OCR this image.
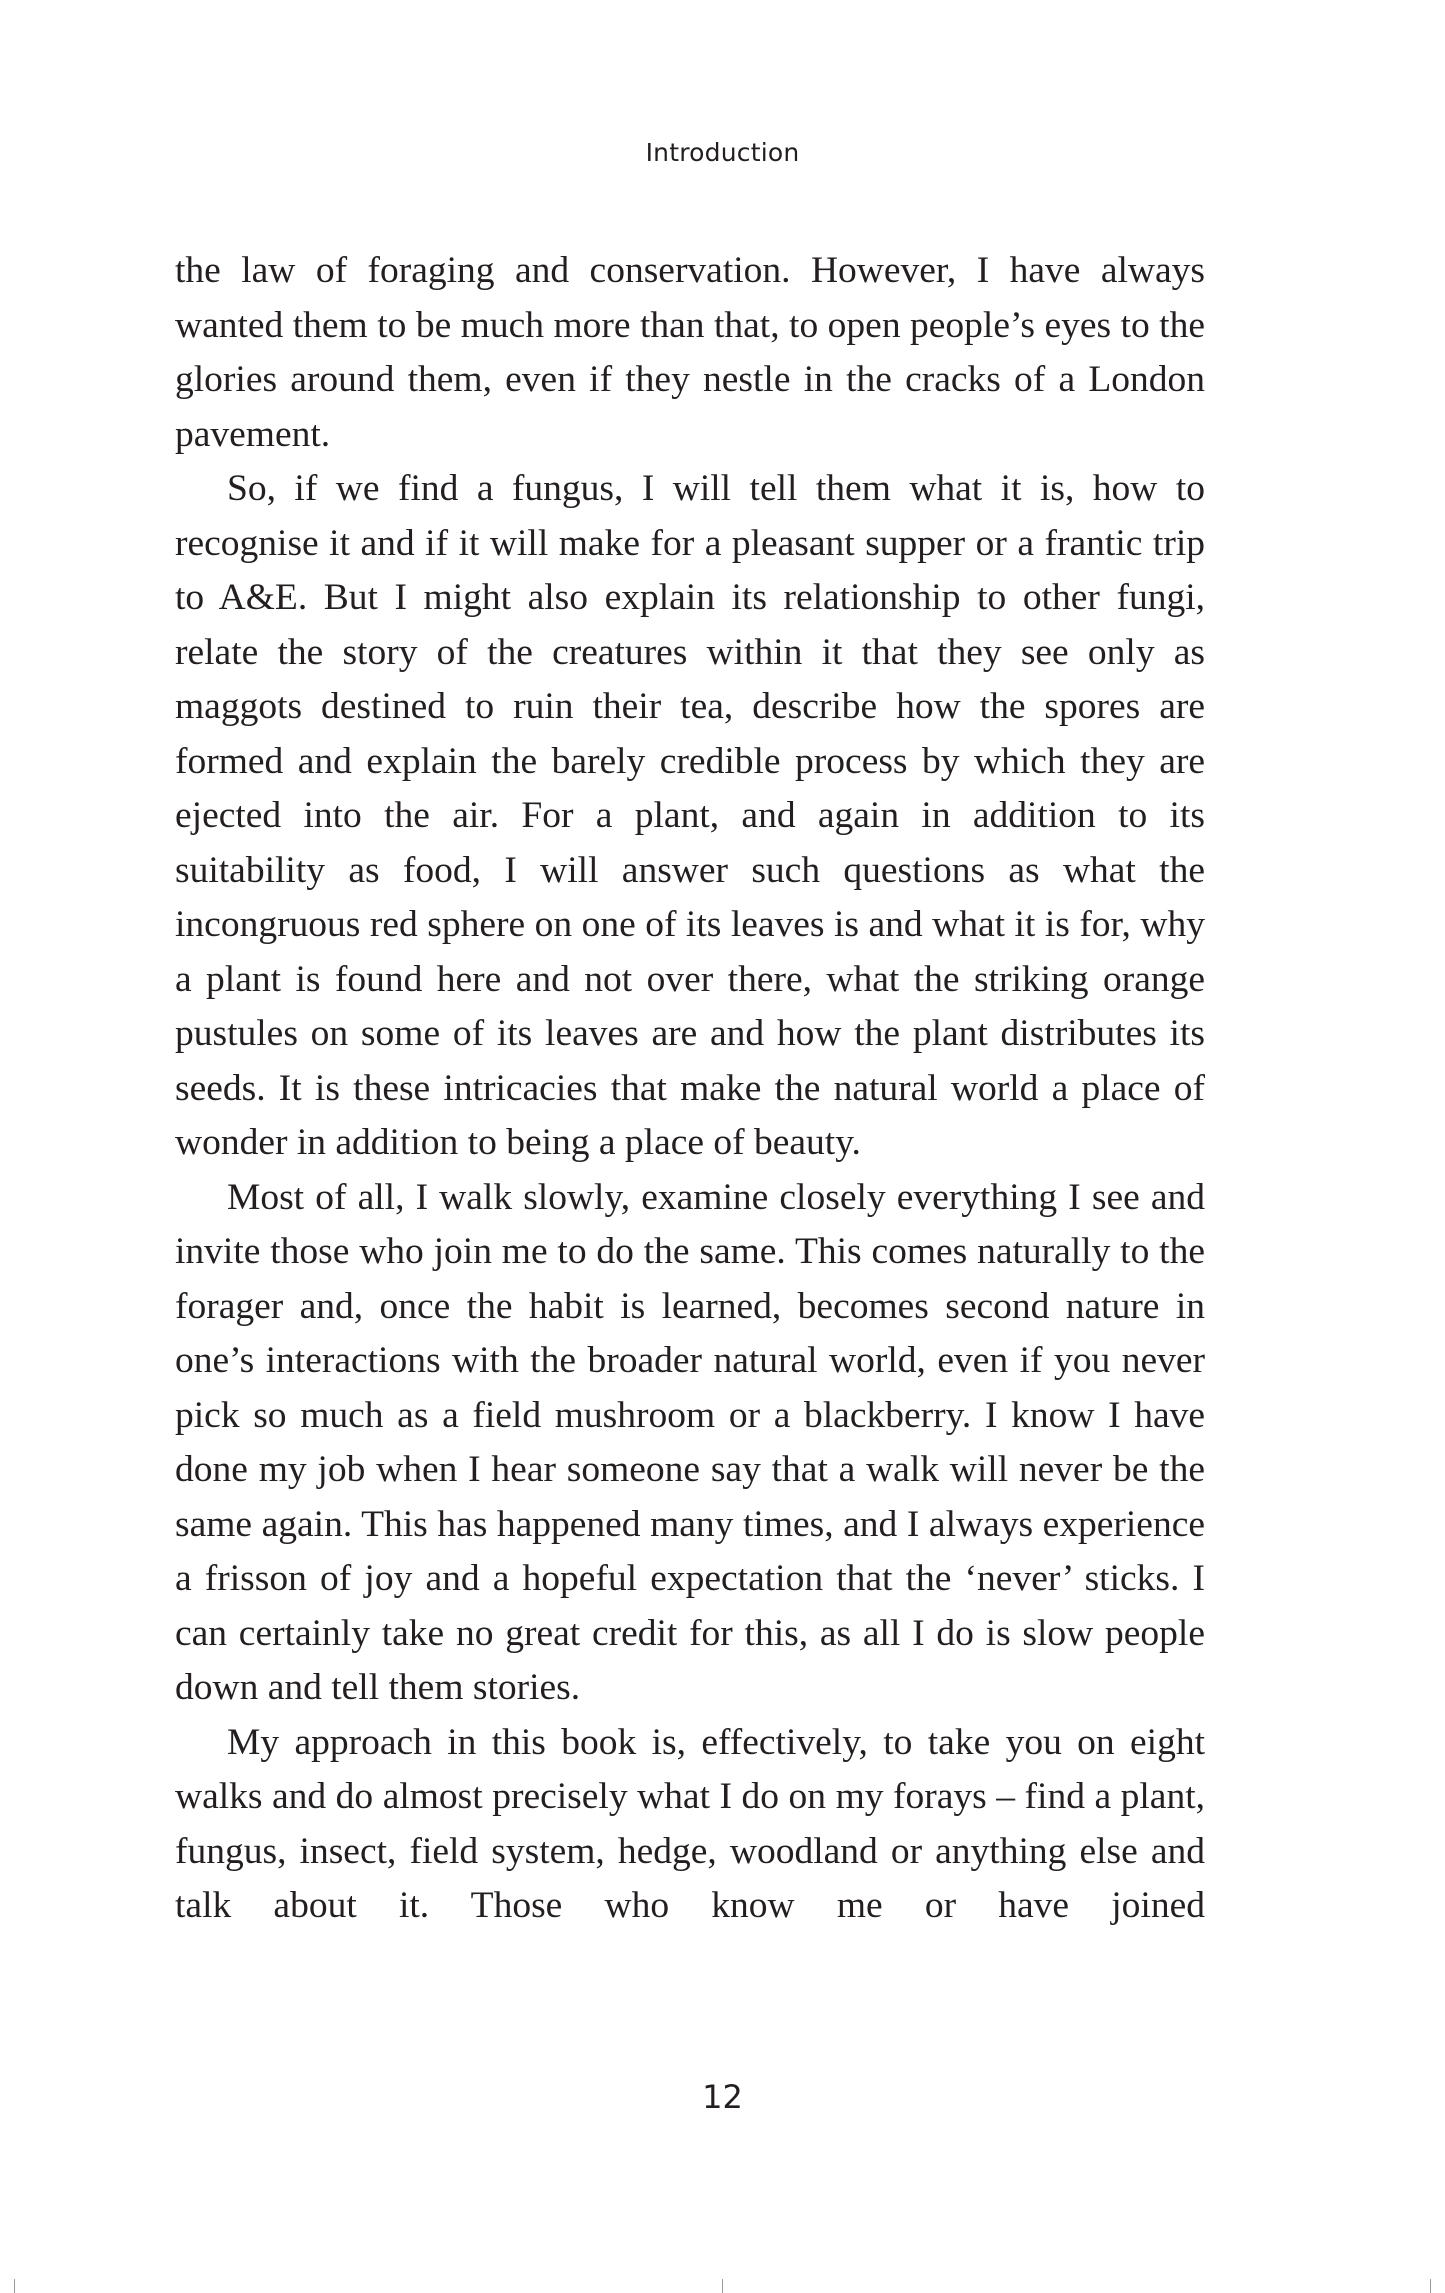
Introduction

the law of foraging and conservation. However, I have always wanted them to be much more than that, to open people’s eyes to the glories around them, even if they nestle in the cracks of a London pavement.

So, if we find a fungus, I will tell them what it is, how to recognise it and if it will make for a pleasant supper or a frantic trip to A&E. But I might also explain its relationship to other fungi, relate the story of the creatures within it that they see only as maggots destined to ruin their tea, describe how the spores are formed and explain the barely credible process by which they are ejected into the air. For a plant, and again in addition to its suitability as food, I will answer such questions as what the incongruous red sphere on one of its leaves is and what it is for, why a plant is found here and not over there, what the striking orange pustules on some of its leaves are and how the plant distributes its seeds. It is these intricacies that make the natural world a place of wonder in addition to being a place of beauty.

Most of all, I walk slowly, examine closely everything I see and invite those who join me to do the same. This comes naturally to the forager and, once the habit is learned, becomes second nature in one’s interactions with the broader natural world, even if you never pick so much as a field mushroom or a blackberry. I know I have done my job when I hear someone say that a walk will never be the same again. This has happened many times, and I always experience a frisson of joy and a hopeful expectation that the ‘never’ sticks. I can certainly take no great credit for this, as all I do is slow people down and tell them stories.

My approach in this book is, effectively, to take you on eight walks and do almost precisely what I do on my forays – find a plant, fungus, insect, field system, hedge, woodland or anything else and talk about it. Those who know me or have joined

12
